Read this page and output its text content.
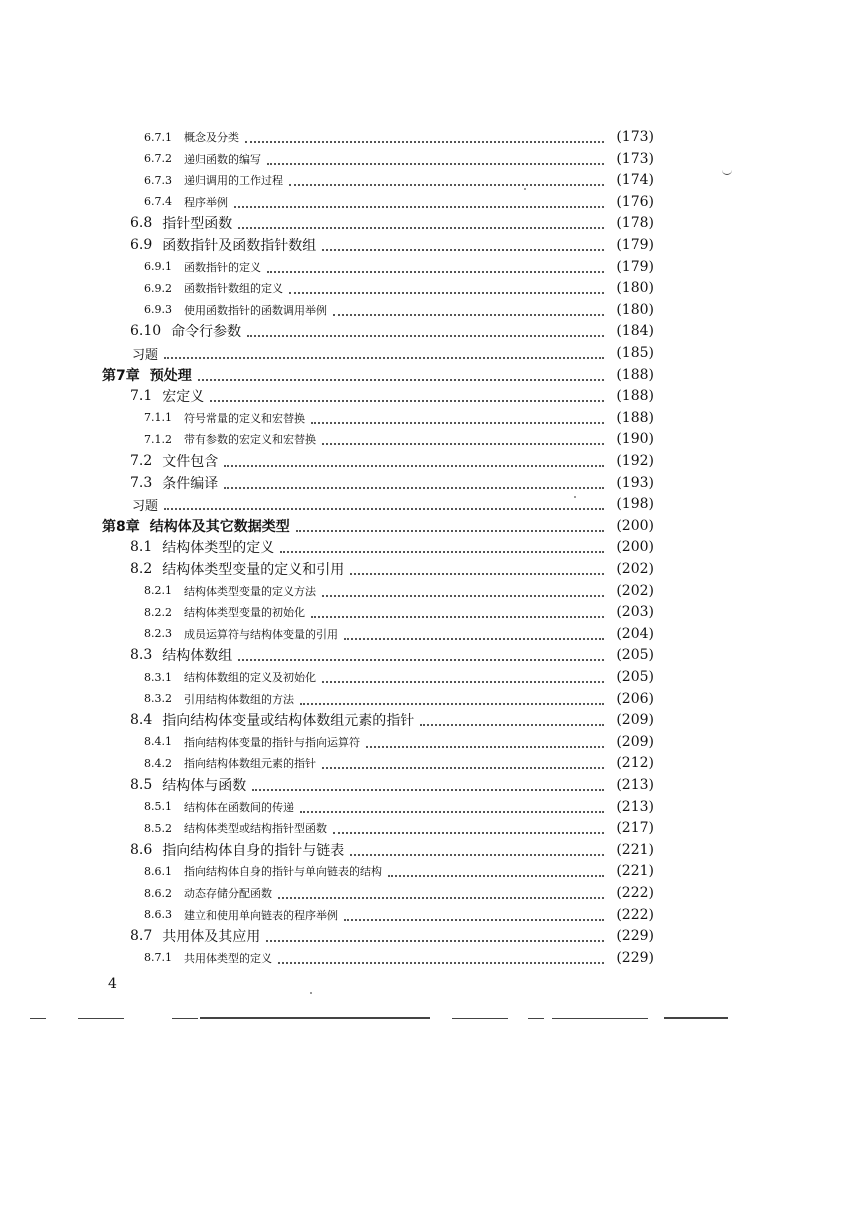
6.7.1 概念及分类	(173)
6.7.2 递归函数的编写	(173)
6.7.3 递归调用的工作过程	(174)
6.7.4 程序举例	(176)
6.8 指针型函数	(178)
6.9 函数指针及函数指针数组	(179)
6.9.1 函数指针的定义	(179)
6.9.2 函数指针数组的定义	(180)
6.9.3 使用函数指针的函数调用举例	(180)
6.10 命令行参数	(184)
习题	(185)
第7章 预处理	(188)
7.1 宏定义	(188)
7.1.1 符号常量的定义和宏替换	(188)
7.1.2 带有参数的宏定义和宏替换	(190)
7.2 文件包含	(192)
7.3 条件编译	(193)
习题	(198)
第8章 结构体及其它数据类型	(200)
8.1 结构体类型的定义	(200)
8.2 结构体类型变量的定义和引用	(202)
8.2.1 结构体类型变量的定义方法	(202)
8.2.2 结构体类型变量的初始化	(203)
8.2.3 成员运算符与结构体变量的引用	(204)
8.3 结构体数组	(205)
8.3.1 结构体数组的定义及初始化	(205)
8.3.2 引用结构体数组的方法	(206)
8.4 指向结构体变量或结构体数组元素的指针	(209)
8.4.1 指向结构体变量的指针与指向运算符	(209)
8.4.2 指向结构体数组元素的指针	(212)
8.5 结构体与函数	(213)
8.5.1 结构体在函数间的传递	(213)
8.5.2 结构体类型或结构指针型函数	(217)
8.6 指向结构体自身的指针与链表	(221)
8.6.1 指向结构体自身的指针与单向链表的结构	(221)
8.6.2 动态存储分配函数	(222)
8.6.3 建立和使用单向链表的程序举例	(222)
8.7 共用体及其应用	(229)
8.7.1 共用体类型的定义	(229)
4
